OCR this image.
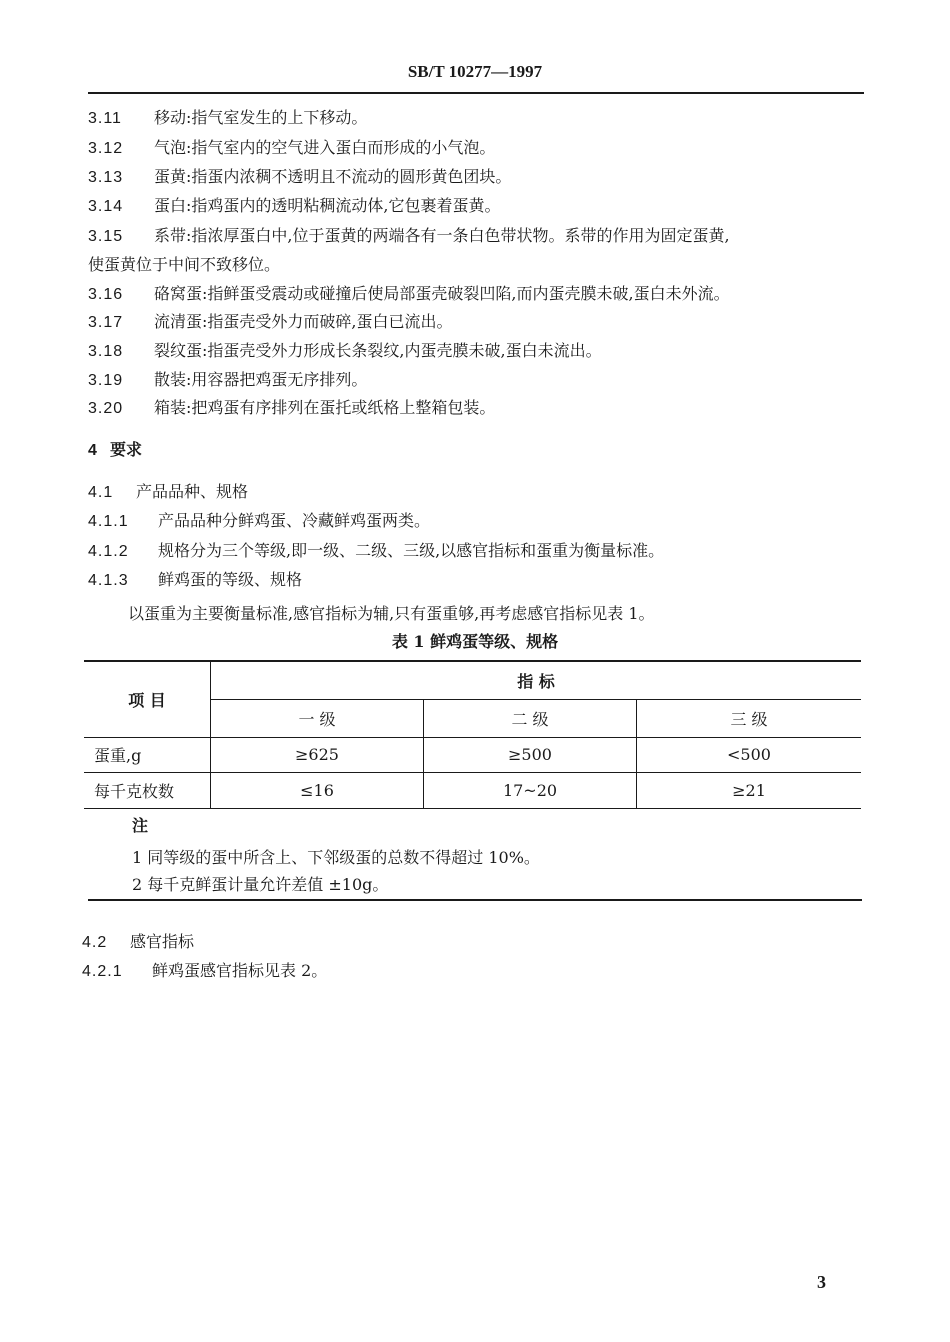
SB/T 10277—1997
3.11 移动:指气室发生的上下移动。
3.12 气泡:指气室内的空气进入蛋白而形成的小气泡。
3.13 蛋黄:指蛋内浓稠不透明且不流动的圆形黄色团块。
3.14 蛋白:指鸡蛋内的透明粘稠流动体,它包裹着蛋黄。
3.15 系带:指浓厚蛋白中,位于蛋黄的两端各有一条白色带状物。系带的作用为固定蛋黄,
使蛋黄位于中间不致移位。
3.16 硌窝蛋:指鲜蛋受震动或碰撞后使局部蛋壳破裂凹陷,而内蛋壳膜未破,蛋白未外流。
3.17 流清蛋:指蛋壳受外力而破碎,蛋白已流出。
3.18 裂纹蛋:指蛋壳受外力形成长条裂纹,内蛋壳膜未破,蛋白未流出。
3.19 散装:用容器把鸡蛋无序排列。
3.20 箱装:把鸡蛋有序排列在蛋托或纸格上整箱包装。
4 要求
4.1 产品品种、规格
4.1.1 产品品种分鲜鸡蛋、冷藏鲜鸡蛋两类。
4.1.2 规格分为三个等级,即一级、二级、三级,以感官指标和蛋重为衡量标准。
4.1.3 鲜鸡蛋的等级、规格
以蛋重为主要衡量标准,感官指标为辅,只有蛋重够,再考虑感官指标见表 1。
表 1 鲜鸡蛋等级、规格
项 目	指 标		
	一 级	二 级	三 级
蛋重,g	≥625	≥500	<500
每千克枚数	≤16	17~20	≥21
注
1 同等级的蛋中所含上、下邻级蛋的总数不得超过 10%。
2 每千克鲜蛋计量允许差值 ±10g。
4.2 感官指标
4.2.1 鲜鸡蛋感官指标见表 2。
3
